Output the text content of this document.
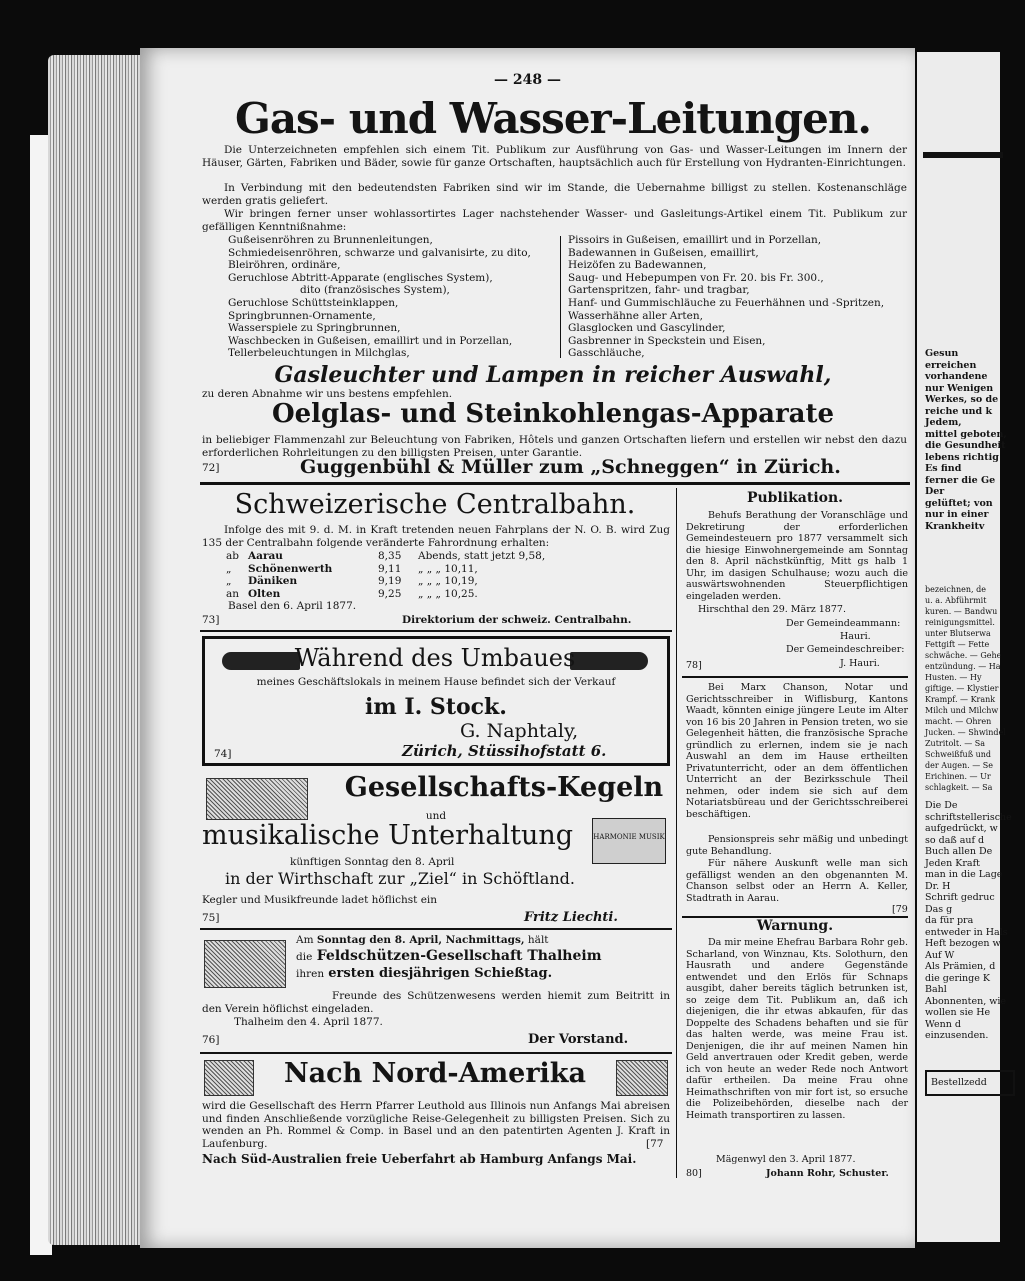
— 248 —
Gas- und Wasser-Leitungen.
Die Unterzeichneten empfehlen sich einem Tit. Publikum zur Ausführung von Gas- und Wasser-Leitungen im Innern der Häuser, Gärten, Fabriken und Bäder, sowie für ganze Ortschaften, hauptsächlich auch für Erstellung von Hydranten-Einrichtungen.
In Verbindung mit den bedeutendsten Fabriken sind wir im Stande, die Uebernahme billigst zu stellen. Kostenanschläge werden gratis geliefert.
Wir bringen ferner unser wohlassortirtes Lager nachstehender Wasser- und Gasleitungs-Artikel einem Tit. Publikum zur gefälligen Kenntnißnahme:
Gußeisenröhren zu Brunnenleitungen,
Schmiedeisenröhren, schwarze und galvanisirte, zu dito,
Bleiröhren, ordinäre,
Geruchlose Abtritt-Apparate (englisches System),
dito (französisches System),
Geruchlose Schüttsteinklappen,
Springbrunnen-Ornamente,
Wasserspiele zu Springbrunnen,
Waschbecken in Gußeisen, emaillirt und in Porzellan,
Tellerbeleuchtungen in Milchglas,
Pissoirs in Gußeisen, emaillirt und in Porzellan,
Badewannen in Gußeisen, emaillirt,
Heizöfen zu Badewannen,
Saug- und Hebepumpen von Fr. 20. bis Fr. 300.,
Gartenspritzen, fahr- und tragbar,
Hanf- und Gummischläuche zu Feuerhähnen und -Spritzen,
Wasserhähne aller Arten,
Glasglocken und Gascylinder,
Gasbrenner in Speckstein und Eisen,
Gasschläuche,
Gasleuchter und Lampen in reicher Auswahl,
zu deren Abnahme wir uns bestens empfehlen.
Oelglas- und Steinkohlengas-Apparate
in beliebiger Flammenzahl zur Beleuchtung von Fabriken, Hôtels und ganzen Ortschaften liefern und erstellen wir nebst den dazu erforderlichen Rohrleitungen zu den billigsten Preisen, unter Garantie.
72]	Guggenbühl & Müller zum „Schneggen“ in Zürich.
Schweizerische Centralbahn.
Infolge des mit 9. d. M. in Kraft tretenden neuen Fahrplans der N. O. B. wird Zug 135 der Centralbahn folgende veränderte Fahrordnung erhalten:
ab Aarau	8,35	Abends, statt jetzt 9,58,
„	Schönenwerth	9,11	„ „ „ 10,11,
„	Däniken	9,19	„ „ „ 10,19,
an Olten	9,25	„ „ „ 10,25.
Basel den 6. April 1877.
73]	Direktorium der schweiz. Centralbahn.
Während des Umbaues
meines Geschäftslokals in meinem Hause befindet sich der Verkauf
im I. Stock.
G. Naphtaly,
74]	Zürich, Stüssihofstatt 6.
Gesellschafts-Kegeln
und
musikalische Unterhaltung	HARMONIE MUSIK
künftigen Sonntag den 8. April
in der Wirthschaft zur „Ziel“ in Schöftland.
Kegler und Musikfreunde ladet höflichst ein
75]	Fritz Liechti.
Am Sonntag den 8. April, Nachmittags, hält
die Feldschützen-Gesellschaft Thalheim
ihren ersten diesjährigen Schießtag.
Freunde des Schützenwesens werden hiemit zum Beitritt in den Verein höflichst eingeladen.
Thalheim den 4. April 1877.
76]	Der Vorstand.
Nach Nord-Amerika
wird die Gesellschaft des Herrn Pfarrer Leuthold aus Illinois nun Anfangs Mai abreisen und finden Anschließende vorzügliche Reise-Gelegenheit zu billigsten Preisen. Sich zu wenden an Ph. Rommel & Comp. in Basel und an den patentirten Agenten J. Kraft in Laufenburg.	[77
Nach Süd-Australien freie Ueberfahrt ab Hamburg Anfangs Mai.
Publikation.
Behufs Berathung der Voranschläge und Dekretirung der erforderlichen Gemeindesteuern pro 1877 versammelt sich die hiesige Einwohnergemeinde am Sonntag den 8. April nächstkünftig, Mitt gs halb 1 Uhr, im dasigen Schulhause; wozu auch die auswärtswohnenden Steuerpflichtigen eingeladen werden.
Hirschthal den 29. März 1877.
Der Gemeindeammann:
Hauri.
Der Gemeindeschreiber:
78]	J. Hauri.
Bei Marx Chanson, Notar und Gerichtsschreiber in Wiflisburg, Kantons Waadt, könnten einige jüngere Leute im Alter von 16 bis 20 Jahren in Pension treten, wo sie Gelegenheit hätten, die französische Sprache gründlich zu erlernen, indem sie je nach Auswahl an dem im Hause ertheilten Privatunterricht, oder an dem öffentlichen Unterricht an der Bezirksschule Theil nehmen, oder indem sie sich auf dem Notariatsbüreau und der Gerichtsschreiberei beschäftigen.
Pensionspreis sehr mäßig und unbedingt gute Behandlung.
Für nähere Auskunft welle man sich gefälligst wenden an den obgenannten M. Chanson selbst oder an Herrn A. Keller, Stadtrath in Aarau.
[79
Warnung.
Da mir meine Ehefrau Barbara Rohr geb. Scharland, von Winznau, Kts. Solothurn, den Hausrath und andere Gegenstände entwendet und den Erlös für Schnaps ausgibt, daher bereits täglich betrunken ist, so zeige dem Tit. Publikum an, daß ich diejenigen, die ihr etwas abkaufen, für das Doppelte des Schadens behaften und sie für das halten werde, was meine Frau ist. Denjenigen, die ihr auf meinen Namen hin Geld anvertrauen oder Kredit geben, werde ich von heute an weder Rede noch Antwort dafür ertheilen. Da meine Frau ohne Heimathschriften von mir fort ist, so ersuche die Polizeibehörden, dieselbe nach der Heimath transportiren zu lassen.
Mägenwyl den 3. April 1877.
80]	Johann Rohr, Schuster.
Gesun
erreichen
vorhandene
nur Wenigen
Werkes, so de
reiche und k
Jedem,
mittel geboten,
die Gesundheit
lebens richtig
Es find
ferner die Ge
Der
gelüftet; von
nur in einer
Krankheitv
bezeichnen, de
u. a. Abführmit
kuren. — Bandwu
reinigungsmittel.
unter Blutserwa
Fettgift — Fette
schwäche. — Gehe
entzündung. — Ha
Husten. — Hy
giftige. — Klystier
Krampf. — Krank
Milch und Milchw
macht. — Ohren
Jucken. — Shwindel
Zutritolt. — Sa
Schweißfuß und
der Augen. — Se
Erichinen. — Ur
schlagkeit. — Sa
Die De
schriftstellerische
aufgedrückt, w
so daß auf d
Buch allen De
Jeden Kraft
man in die Lage
Dr. H
Schrift gedruc
Das g
da für pra
entweder in Hals
Heft bezogen w
Auf W
Als Prämien, d
die geringe K
Bahl
Abonnenten, wie
wollen sie He
Wenn d
einzusenden.
Bestellzedd
